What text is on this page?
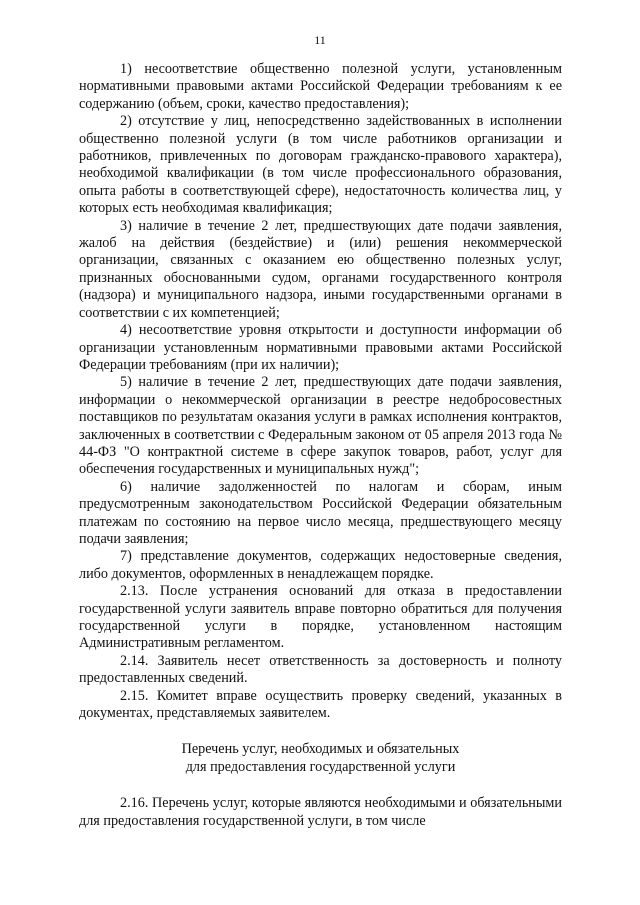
11

1) несоответствие общественно полезной услуги, установленным нормативными правовыми актами Российской Федерации требованиям к ее содержанию (объем, сроки, качество предоставления);

2) отсутствие у лиц, непосредственно задействованных в исполнении общественно полезной услуги (в том числе работников организации и работников, привлеченных по договорам гражданско-правового характера), необходимой квалификации (в том числе профессионального образования, опыта работы в соответствующей сфере), недостаточность количества лиц, у которых есть необходимая квалификация;

3) наличие в течение 2 лет, предшествующих дате подачи заявления, жалоб на действия (бездействие) и (или) решения некоммерческой организации, связанных с оказанием ею общественно полезных услуг, признанных обоснованными судом, органами государственного контроля (надзора) и муниципального надзора, иными государственными органами в соответствии с их компетенцией;

4) несоответствие уровня открытости и доступности информации об организации установленным нормативными правовыми актами Российской Федерации требованиям (при их наличии);

5) наличие в течение 2 лет, предшествующих дате подачи заявления, информации о некоммерческой организации в реестре недобросовестных поставщиков по результатам оказания услуги в рамках исполнения контрактов, заключенных в соответствии с Федеральным законом от 05 апреля 2013 года № 44-ФЗ "О контрактной системе в сфере закупок товаров, работ, услуг для обеспечения государственных и муниципальных нужд";

6) наличие задолженностей по налогам и сборам, иным предусмотренным законодательством Российской Федерации обязательным платежам по состоянию на первое число месяца, предшествующего месяцу подачи заявления;

7) представление документов, содержащих недостоверные сведения, либо документов, оформленных в ненадлежащем порядке.

2.13. После устранения оснований для отказа в предоставлении государственной услуги заявитель вправе повторно обратиться для получения государственной услуги в порядке, установленном настоящим Административным регламентом.

2.14. Заявитель несет ответственность за достоверность и полноту предоставленных сведений.

2.15. Комитет вправе осуществить проверку сведений, указанных в документах, представляемых заявителем.

Перечень услуг, необходимых и обязательных
для предоставления государственной услуги

2.16. Перечень услуг, которые являются необходимыми и обязательными для предоставления государственной услуги, в том числе
